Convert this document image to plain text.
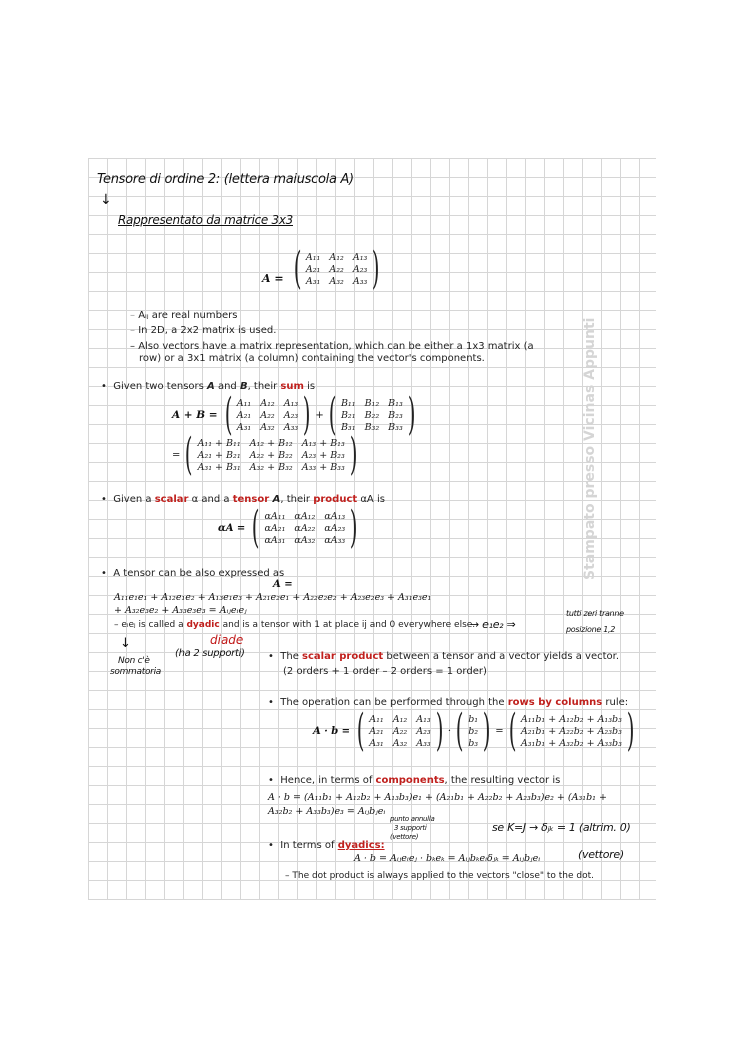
Tensore di ordine 2: (lettera maiuscola A)
↓
Rappresentato da matrice 3x3
A = ( A₁₁ A₁₂ A₁₃
A₂₁ A₂₂ A₂₃
A₃₁ A₃₂ A₃₃ )
– Aᵢⱼ are real numbers
– In 2D, a 2x2 matrix is used.
– Also vectors have a matrix representation, which can be either a 1x3 matrix (a
row) or a 3x1 matrix (a column) containing the vector's components.
•  Given two tensors A and B, their sum is
A + B = ( A₁₁ A₁₂ A₁₃
A₂₁ A₂₂ A₂₃
A₃₁ A₃₂ A₃₃ ) + ( B₁₁ B₁₂ B₁₃
B₂₁ B₂₂ B₂₃
B₃₁ B₃₂ B₃₃ )
= ( A₁₁ + B₁₁ A₁₂ + B₁₂ A₁₃ + B₁₃
A₂₁ + B₂₁ A₂₂ + B₂₂ A₂₃ + B₂₃
A₃₁ + B₃₁ A₃₂ + B₃₂ A₃₃ + B₃₃ )
•  Given a scalar α and a tensor A, their product αA is
αA = ( αA₁₁ αA₁₂ αA₁₃
αA₂₁ αA₂₂ αA₂₃
αA₃₁ αA₃₂ αA₃₃ )
•  A tensor can be also expressed as
A =
A₁₁e₁e₁ + A₁₂e₁e₂ + A₁₃e₁e₃ + A₂₁e₂e₁ + A₂₂e₂e₂ + A₂₃e₂e₃ + A₃₁e₃e₁
+ A₃₂e₃e₂ + A₃₃e₃e₃ = Aᵢⱼeᵢeⱼ
– eᵢeⱼ is called a dyadic and is a tensor with 1 at place ij and 0 everywhere else.
→ e₁e₂ ⇒
tutti zeri tranne
posizione 1,2
diade
(ha 2 supporti)
↓
Non c'è
sommatoria
•  The scalar product between a tensor and a vector yields a vector.
(2 orders + 1 order – 2 orders = 1 order)
•  The operation can be performed through the rows by columns rule:
A · b = ( A₁₁ A₁₂ A₁₃
A₂₁ A₂₂ A₂₃
A₃₁ A₃₂ A₃₃ ) · ( b₁
b₂
b₃ ) = ( A₁₁b₁ + A₁₂b₂ + A₁₃b₃
A₂₁b₁ + A₂₂b₂ + A₂₃b₃
A₃₁b₁ + A₃₂b₂ + A₃₃b₃ )
•  Hence, in terms of components, the resulting vector is
A · b = (A₁₁b₁ + A₁₂b₂ + A₁₃b₃)e₁ + (A₂₁b₁ + A₂₂b₂ + A₂₃b₃)e₂ + (A₃₁b₁ +
A₃₂b₂ + A₃₃b₃)e₃ = Aᵢⱼbⱼeᵢ
punto annulla
3 supporti
(vettore)
se K=J → δⱼₖ = 1 (altrim. 0)
•  In terms of dyadics:
A · b = Aᵢⱼeᵢeⱼ · bₖeₖ = Aᵢⱼbₖeᵢδⱼₖ = Aᵢⱼbⱼeᵢ	(vettore)
– The dot product is always applied to the vectors "close" to the dot.
Stampato presso Vicinas Appunti
